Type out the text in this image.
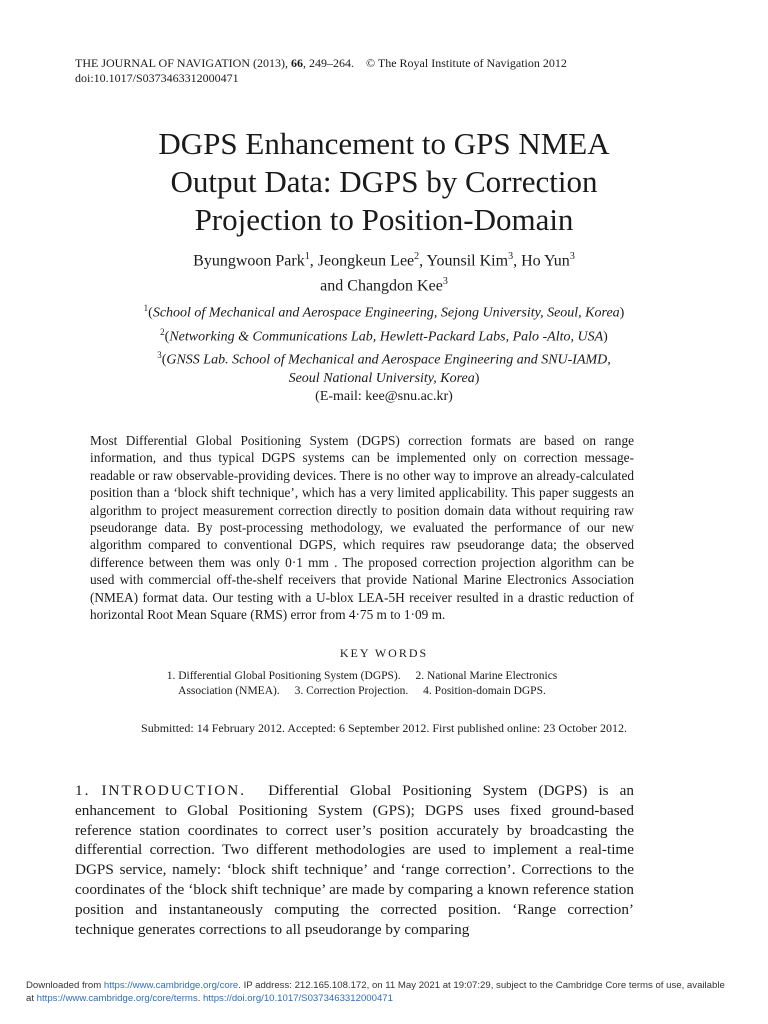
THE JOURNAL OF NAVIGATION (2013), 66, 249–264. © The Royal Institute of Navigation 2012
doi:10.1017/S0373463312000471
DGPS Enhancement to GPS NMEA
Output Data: DGPS by Correction
Projection to Position-Domain
Byungwoon Park$^1$, Jeongkeun Lee$^2$, Younsil Kim$^3$, Ho Yun$^3$
and Changdon Kee$^3$
$^1$(School of Mechanical and Aerospace Engineering, Sejong University, Seoul, Korea)
$^2$(Networking & Communications Lab, Hewlett-Packard Labs, Palo -Alto, USA)
$^3$(GNSS Lab. School of Mechanical and Aerospace Engineering and SNU-IAMD,
Seoul National University, Korea)
(E-mail: kee@snu.ac.kr)

Most Differential Global Positioning System (DGPS) correction formats are based on range information, and thus typical DGPS systems can be implemented only on correction message-readable or raw observable-providing devices. There is no other way to improve an already-calculated position than a ‘block shift technique’, which has a very limited applicability. This paper suggests an algorithm to project measurement correction directly to position domain data without requiring raw pseudorange data. By post-processing methodology, we evaluated the performance of our new algorithm compared to conventional DGPS, which requires raw pseudorange data; the observed difference between them was only 0·1 mm . The proposed correction projection algorithm can be used with commercial off-the-shelf receivers that provide National Marine Electronics Association (NMEA) format data. Our testing with a U-blox LEA-5H receiver resulted in a drastic reduction of horizontal Root Mean Square (RMS) error from 4·75 m to 1·09 m.

KEY WORDS
1. Differential Global Positioning System (DGPS). 2. National Marine Electronics
Association (NMEA). 3. Correction Projection. 4. Position-domain DGPS.
Submitted: 14 February 2012. Accepted: 6 September 2012. First published online: 23 October 2012.

1. INTRODUCTION. Differential Global Positioning System (DGPS) is an enhancement to Global Positioning System (GPS); DGPS uses fixed ground-based reference station coordinates to correct user’s position accurately by broadcasting the differential correction. Two different methodologies are used to implement a real-time DGPS service, namely: ‘block shift technique’ and ‘range correction’. Corrections to the coordinates of the ‘block shift technique’ are made by comparing a known reference station position and instantaneously computing the corrected position. ‘Range correction’ technique generates corrections to all pseudorange by comparing

Downloaded from https://www.cambridge.org/core. IP address: 212.165.108.172, on 11 May 2021 at 19:07:29, subject to the Cambridge Core terms of use, available
at https://www.cambridge.org/core/terms. https://doi.org/10.1017/S0373463312000471
